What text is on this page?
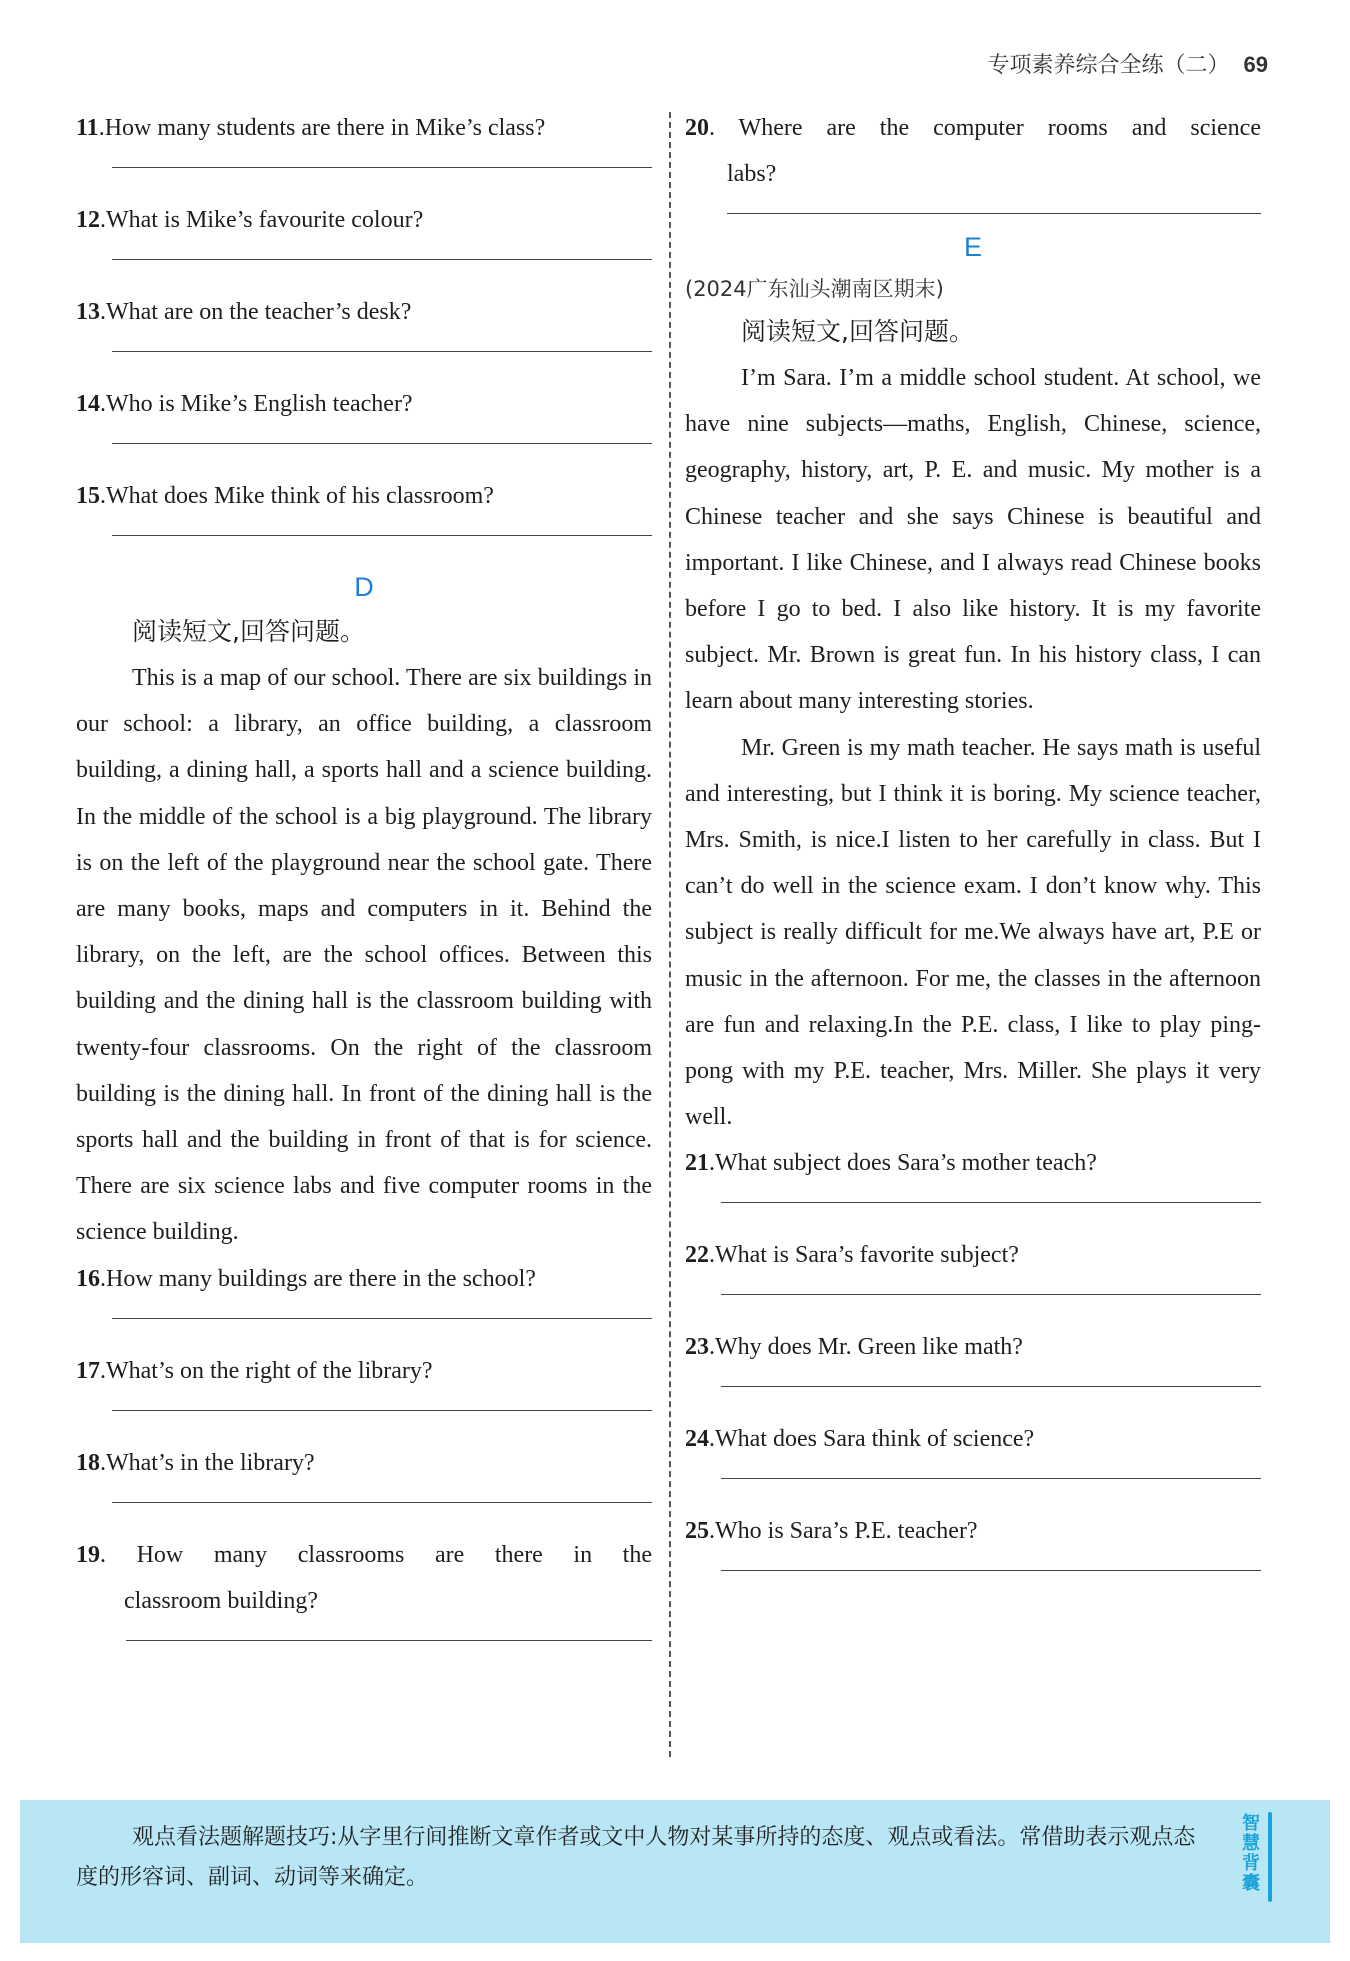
专项素养综合全练（二） 69

11.How many students are there in Mike’s class?

12.What is Mike’s favourite colour?

13.What are on the teacher’s desk?

14.Who is Mike’s English teacher?

15.What does Mike think of his classroom?

D

阅读短文,回答问题。

This is a map of our school. There are six buildings in our school: a library, an office building, a classroom building, a dining hall, a sports hall and a science building. In the middle of the school is a big playground. The library is on the left of the playground near the school gate. There are many books, maps and computers in it. Behind the library, on the left, are the school offices. Between this building and the dining hall is the classroom building with twenty-four classrooms. On the right of the classroom building is the dining hall. In front of the dining hall is the sports hall and the building in front of that is for science. There are six science labs and five computer rooms in the science building.

16.How many buildings are there in the school?

17.What’s on the right of the library?

18.What’s in the library?

19. How many classrooms are there in the

classroom building?

20. Where are the computer rooms and science

labs?

E

(2024广东汕头潮南区期末)

阅读短文,回答问题。

I’m Sara. I’m a middle school student. At school, we have nine subjects—maths, English, Chinese, science, geography, history, art, P. E. and music. My mother is a Chinese teacher and she says Chinese is beautiful and important. I like Chinese, and I always read Chinese books before I go to bed. I also like history. It is my favorite subject. Mr. Brown is great fun. In his history class, I can learn about many interesting stories.

Mr. Green is my math teacher. He says math is useful and interesting, but I think it is boring. My science teacher, Mrs. Smith, is nice.I listen to her carefully in class. But I can’t do well in the science exam. I don’t know why. This subject is really difficult for me.We always have art, P.E or music in the afternoon. For me, the classes in the afternoon are fun and relaxing.In the P.E. class, I like to play ping-pong with my P.E. teacher, Mrs. Miller. She plays it very well.

21.What subject does Sara’s mother teach?

22.What is Sara’s favorite subject?

23.Why does Mr. Green like math?

24.What does Sara think of science?

25.Who is Sara’s P.E. teacher?

观点看法题解题技巧:从字里行间推断文章作者或文中人物对某事所持的态度、观点或看法。常借助表示观点态度的形容词、副词、动词等来确定。

智慧背囊
